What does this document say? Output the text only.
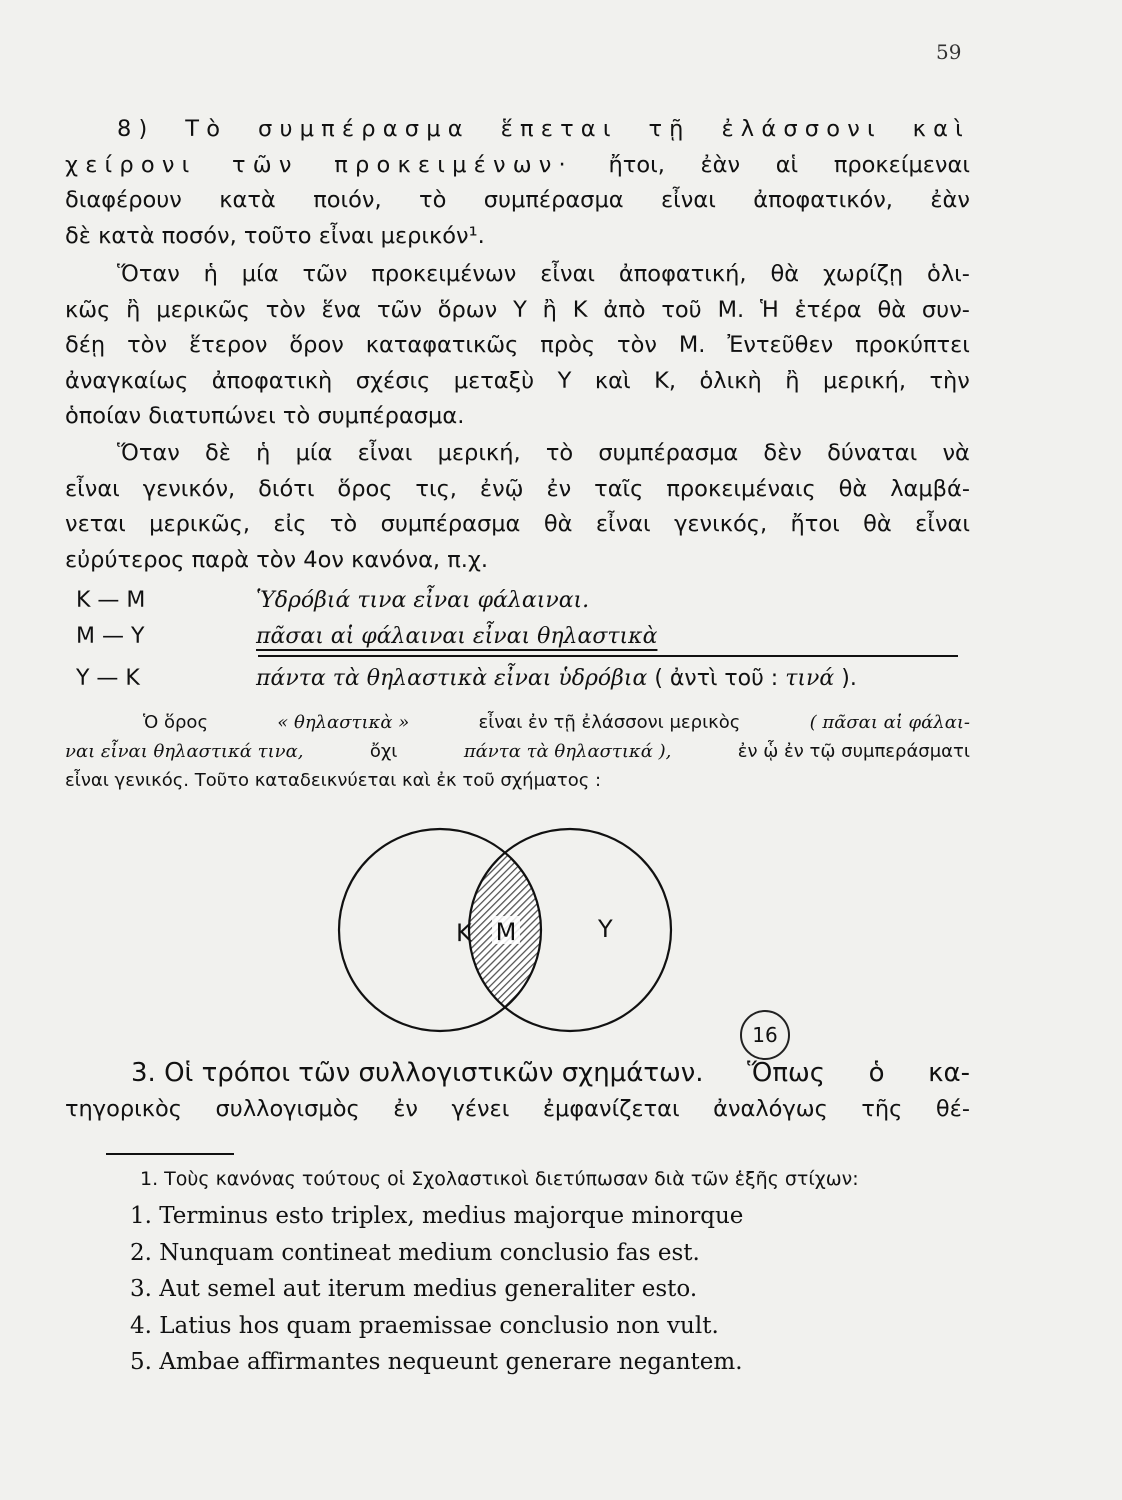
59
8) Τὸ συμπέρασμα ἕπεται τῇ ἐλάσσονι καὶ
χείρονι τῶν προκειμένων· ἤτοι, ἐὰν αἱ προκείμεναι
διαφέρουν κατὰ ποιόν, τὸ συμπέρασμα εἶναι ἀποφατικόν, ἐὰν
δὲ κατὰ ποσόν, τοῦτο εἶναι μερικόν¹.
Ὅταν ἡ μία τῶν προκειμένων εἶναι ἀποφατική, θὰ χωρίζῃ ὁλι-
κῶς ἢ μερικῶς τὸν ἕνα τῶν ὅρων Υ ἢ Κ ἀπὸ τοῦ Μ. Ἡ ἑτέρα θὰ συν-
δέῃ τὸν ἕτερον ὅρον καταφατικῶς πρὸς τὸν Μ. Ἐντεῦθεν προκύπτει
ἀναγκαίως ἀποφατικὴ σχέσις μεταξὺ Υ καὶ Κ, ὁλικὴ ἢ μερική, τὴν
ὁποίαν διατυπώνει τὸ συμπέρασμα.
Ὅταν δὲ ἡ μία εἶναι μερική, τὸ συμπέρασμα δὲν δύναται νὰ
εἶναι γενικόν, διότι ὅρος τις, ἐνῷ ἐν ταῖς προκειμέναις θὰ λαμβά-
νεται μερικῶς, εἰς τὸ συμπέρασμα θὰ εἶναι γενικός, ἤτοι θὰ εἶναι
εὐρύτερος παρὰ τὸν 4ον κανόνα, π.χ.
Κ — Μ	Ὑδρόβιά τινα εἶναι φάλαιναι.
Μ — Υ	πᾶσαι αἱ φάλαιναι εἶναι θηλαστικὰ
Υ — Κ	πάντα τὰ θηλαστικὰ εἶναι ὑδρόβια ( ἀντὶ τοῦ : τινά ).
Ὁ ὅρος	« θηλαστικὰ »	εἶναι ἐν τῇ ἐλάσσονι μερικὸς	( πᾶσαι αἱ φάλαι-
ναι εἶναι θηλαστικά τινα,	ὄχι	πάντα τὰ θηλαστικά ),	ἐν ᾧ ἐν τῷ συμπεράσματι
εἶναι γενικός. Τοῦτο καταδεικνύεται καὶ ἐκ τοῦ σχήματος :
Κ Μ	Υ
16
3. Οἱ τρόποι τῶν συλλογιστικῶν σχημάτων. Ὅπως ὁ κα-
τηγορικὸς συλλογισμὸς ἐν γένει ἐμφανίζεται ἀναλόγως τῆς θέ-
1. Τοὺς κανόνας τούτους οἱ Σχολαστικοὶ διετύπωσαν διὰ τῶν ἑξῆς στίχων:
1. Terminus esto triplex, medius majorque minorque
2. Nunquam contineat medium conclusio fas est.
3. Aut semel aut iterum medius generaliter esto.
4. Latius hos quam praemissae conclusio non vult.
5. Ambae affirmantes nequeunt generare negantem.
